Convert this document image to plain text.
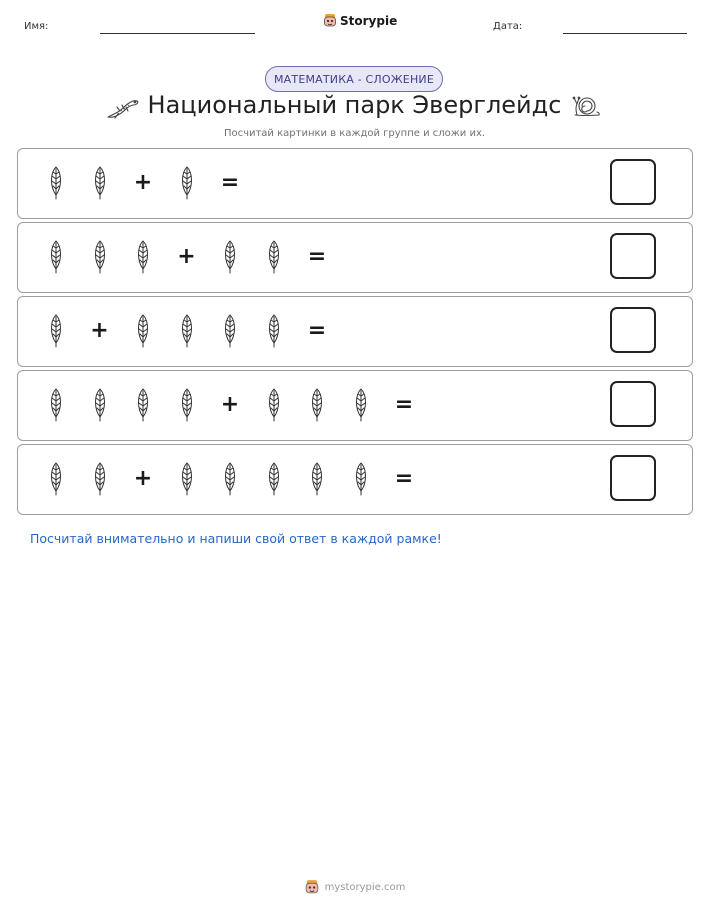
Имя:	Storypie	Дата:
МАТЕМАТИКА - СЛОЖЕНИЕ
Национальный парк Эверглейдс
Посчитай картинки в каждой группе и сложи их.
+	=
+	=
+	=
+	=
+	=
Посчитай внимательно и напиши свой ответ в каждой рамке!
mystorypie.com
